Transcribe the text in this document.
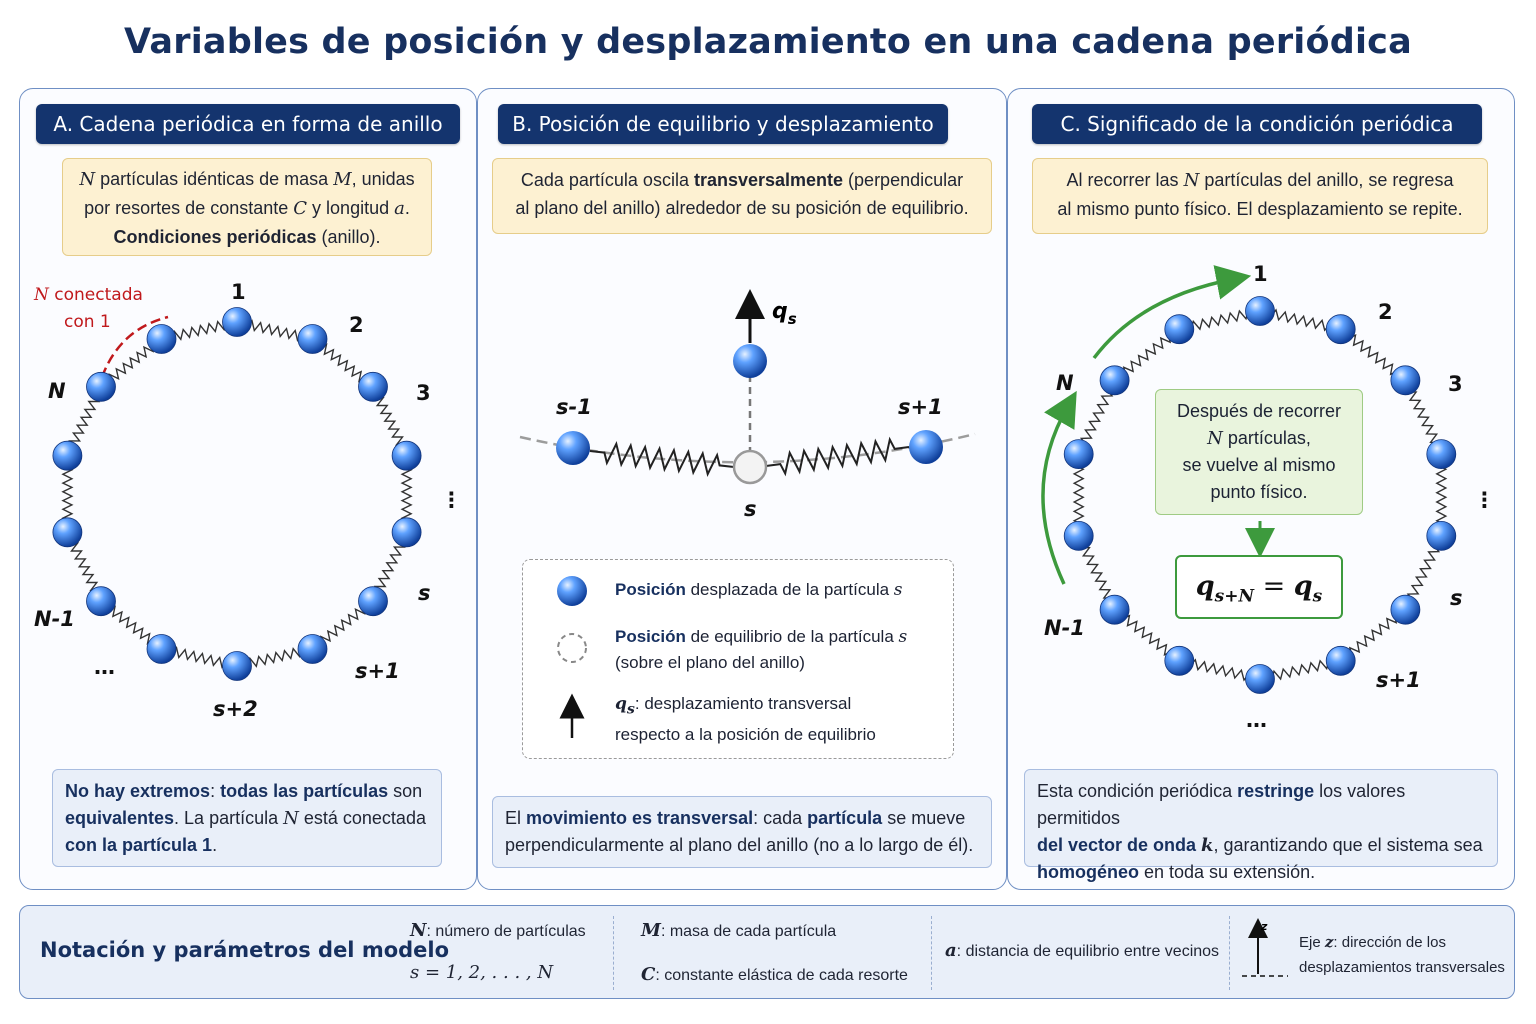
Variables de posición y desplazamiento en una cadena periódica
A. Cadena periódica en forma de anillo

N partículas idénticas de masa M, unidas

por resortes de constante C y longitud a.

Condiciones periódicas (anillo).

N conectada
con 1
1
2
3
⋮
s
s+1
s+2
…
N-1
N

No hay extremos: todas las partículas son

equivalentes. La partícula N está conectada

con la partícula 1.

B. Posición de equilibrio y desplazamiento

Cada partícula oscila transversalmente (perpendicular

al plano del anillo) alrededor de su posición de equilibrio.

$q_s$
s-1	s+1
s

Posición desplazada de la partícula s

Posición de equilibrio de la partícula s

(sobre el plano del anillo)

$q_s$: desplazamiento transversal

respecto a la posición de equilibrio

El movimiento es transversal: cada partícula se mueve

perpendicularmente al plano del anillo (no a lo largo de él).

C. Significado de la condición periódica

Al recorrer las N partículas del anillo, se regresa

al mismo punto físico. El desplazamiento se repite.

1
2
3
⋮
s
s+1
…
N-1
N

Después de recorrer

N partículas,

se vuelve al mismo

punto físico.

$q_{s+N} = q_s$

Esta condición periódica restringe los valores permitidos

del vector de onda k, garantizando que el sistema sea

homogéneo en toda su extensión.

Notación y parámetros del modelo
N: número de partículas
s = 1, 2, . . . , N
M: masa de cada partícula
C: constante elástica de cada resorte
a: distancia de equilibrio entre vecinos
z
Eje z: dirección de los
desplazamientos transversales
